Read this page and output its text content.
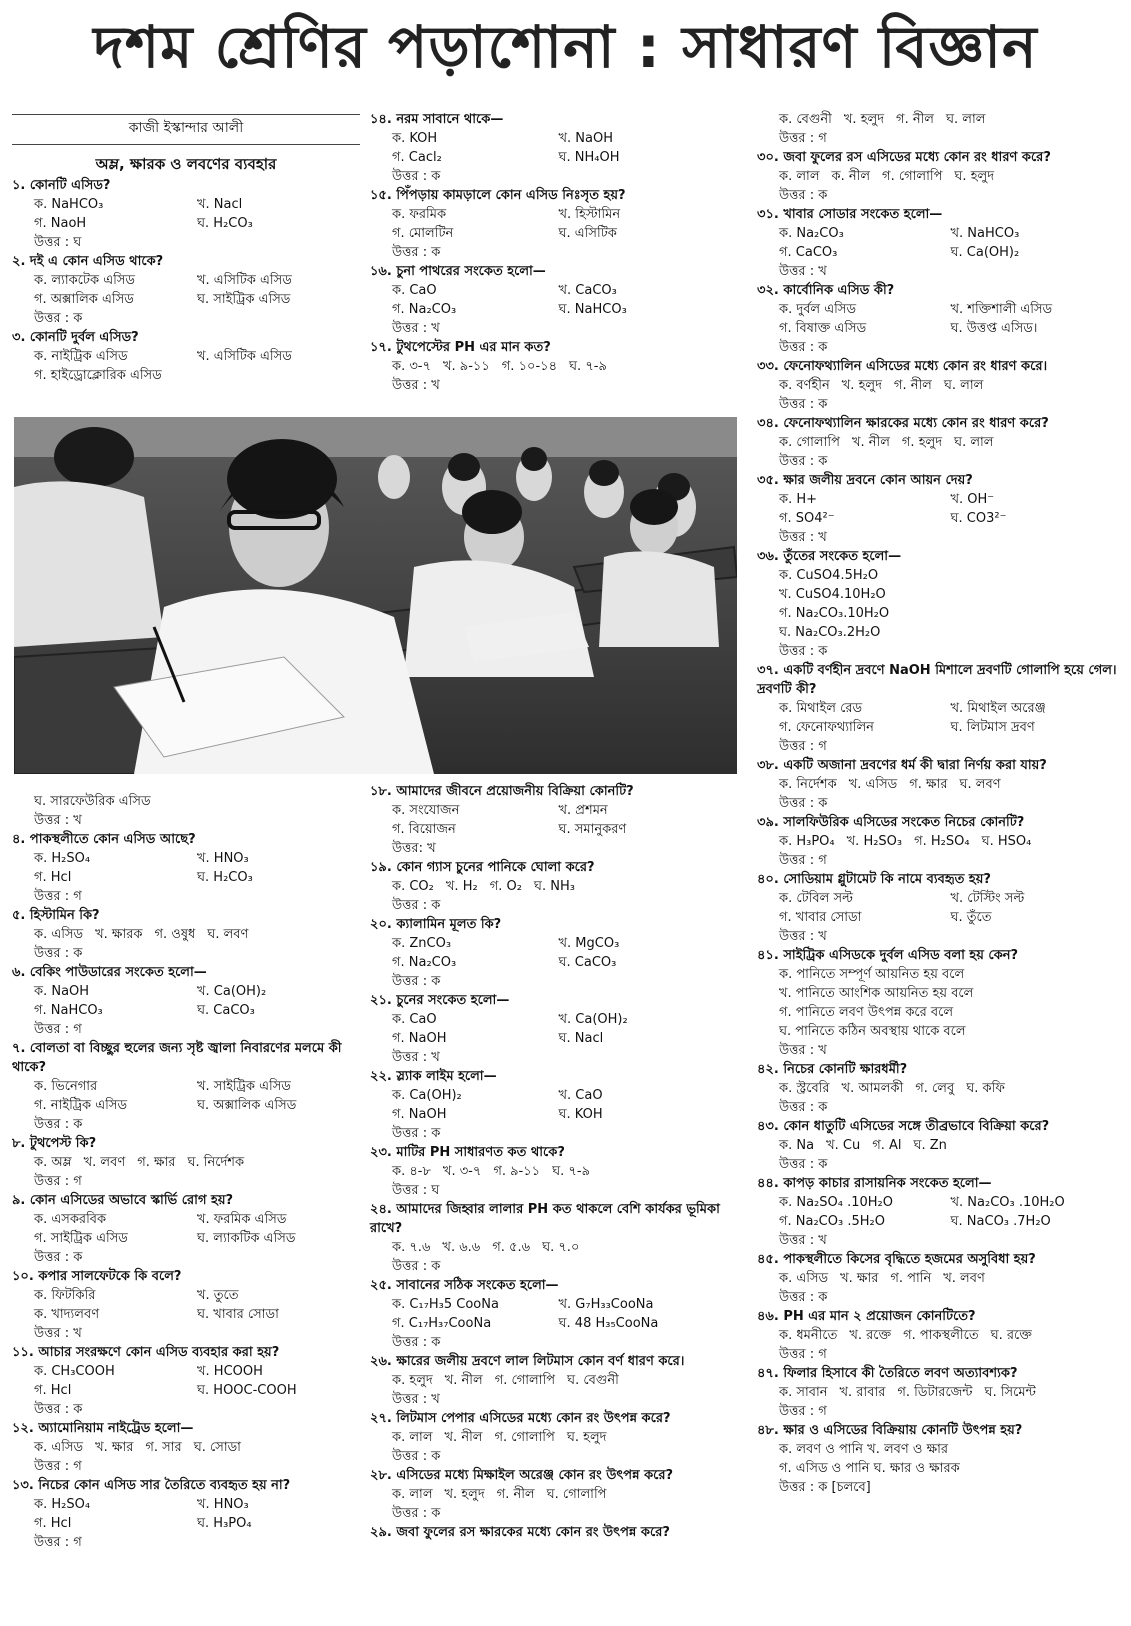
দশম শ্রেণির পড়াশোনা : সাধারণ বিজ্ঞান
কাজী ইস্কান্দার আলী
অম্ল, ক্ষারক ও লবণের ব্যবহার
১. কোনটি এসিড?
ক. NaHCO₃	খ. Nacl
গ. NaoH	ঘ. H₂CO₃
উত্তর : ঘ
২. দই এ কোন এসিড থাকে?
ক. ল্যাকটেক এসিড	খ. এসিটিক এসিড
গ. অক্সালিক এসিড	ঘ. সাইট্রিক এসিড
উত্তর : ক
৩. কোনটি দুর্বল এসিড?
ক. নাইট্রিক এসিড	খ. এসিটিক এসিড
গ. হাইড্রোক্লোরিক এসিড
ঘ. সারফেউরিক এসিড
উত্তর : খ
৪. পাকস্থলীতে কোন এসিড আছে?
ক. H₂SO₄	খ. HNO₃
গ. Hcl	ঘ. H₂CO₃
উত্তর : গ
৫. হিস্টামিন কি?
ক. এসিড খ. ক্ষারক গ. ওষুধ ঘ. লবণ
উত্তর : ক
৬. বেকিং পাউডারের সংকেত হলো—
ক. NaOH	খ. Ca(OH)₂
গ. NaHCO₃	ঘ. CaCO₃
উত্তর : গ
৭. বোলতা বা বিচ্ছুর হুলের জন্য সৃষ্ট জ্বালা নিবারণের মলমে কী থাকে?
ক. ভিনেগার	খ. সাইট্রিক এসিড
গ. নাইট্রিক এসিড	ঘ. অক্সালিক এসিড
উত্তর : ক
৮. টুথপেস্ট কি?
ক. অম্ল খ. লবণ গ. ক্ষার ঘ. নির্দেশক
উত্তর : গ
৯. কোন এসিডের অভাবে স্কার্ভি রোগ হয়?
ক. এসকরবিক	খ. ফরমিক এসিড
গ. সাইট্রিক এসিড	ঘ. ল্যাকটিক এসিড
উত্তর : ক
১০. কপার সালফেটকে কি বলে?
ক. ফিটকিরি	খ. তুতে
ক. খাদ্যলবণ	ঘ. খাবার সোডা
উত্তর : খ
১১. আচার সংরক্ষণে কোন এসিড ব্যবহার করা হয়?
ক. CH₃COOH	খ. HCOOH
গ. Hcl	ঘ. HOOC-COOH
উত্তর : ক
১২. অ্যামোনিয়াম নাইট্রেড হলো—
ক. এসিড খ. ক্ষার গ. সার ঘ. সোডা
উত্তর : গ
১৩. নিচের কোন এসিড সার তৈরিতে ব্যবহৃত হয় না?
ক. H₂SO₄	খ. HNO₃
গ. Hcl	ঘ. H₃PO₄
উত্তর : গ
১৪. নরম সাবানে থাকে—
ক. KOH	খ. NaOH
গ. Cacl₂	ঘ. NH₄OH
উত্তর : ক
১৫. পিঁপড়ায় কামড়ালে কোন এসিড নিঃসৃত হয়?
ক. ফরমিক	খ. হিস্টামিন
গ. মোলটিন	ঘ. এসিটিক
উত্তর : ক
১৬. চুনা পাথরের সংকেত হলো—
ক. CaO	খ. CaCO₃
গ. Na₂CO₃	ঘ. NaHCO₃
উত্তর : খ
১৭. টুথপেস্টের PH এর মান কত?
ক. ৩-৭ খ. ৯-১১ গ. ১০-১৪ ঘ. ৭-৯
উত্তর : খ
১৮. আমাদের জীবনে প্রয়োজনীয় বিক্রিয়া কোনটি?
ক. সংযোজন	খ. প্রশমন
গ. বিয়োজন	ঘ. সমানুকরণ
উত্তর: খ
১৯. কোন গ্যাস চুনের পানিকে ঘোলা করে?
ক. CO₂ খ. H₂ গ. O₂ ঘ. NH₃
উত্তর : ক
২০. ক্যালামিন মূলত কি?
ক. ZnCO₃	খ. MgCO₃
গ. Na₂CO₃	ঘ. CaCO₃
উত্তর : ক
২১. চুনের সংকেত হলো—
ক. CaO	খ. Ca(OH)₂
গ. NaOH	ঘ. Nacl
উত্তর : খ
২২. স্ল্যাক লাইম হলো—
ক. Ca(OH)₂	খ. CaO
গ. NaOH	ঘ. KOH
উত্তর : ক
২৩. মাটির PH সাধারণত কত থাকে?
ক. ৪-৮ খ. ৩-৭ গ. ৯-১১ ঘ. ৭-৯
উত্তর : ঘ
২৪. আমাদের জিহ্বার লালার PH কত থাকলে বেশি কার্যকর ভূমিকা রাখে?
ক. ৭.৬ খ. ৬.৬ গ. ৫.৬ ঘ. ৭.০
উত্তর : ক
২৫. সাবানের সঠিক সংকেত হলো—
ক. C₁₇H₃5 CooNa	খ. G₇H₃₃CooNa
গ. C₁₇H₃₇CooNa	ঘ. 48 H₃₅CooNa
উত্তর : ক
২৬. ক্ষারের জলীয় দ্রবণে লাল লিটমাস কোন বর্ণ ধারণ করে।
ক. হলুদ খ. নীল গ. গোলাপি ঘ. বেগুনী
উত্তর : খ
২৭. লিটমাস পেপার এসিডের মধ্যে কোন রং উৎপন্ন করে?
ক. লাল খ. নীল গ. গোলাপি ঘ. হলুদ
উত্তর : ক
২৮. এসিডের মধ্যে মিক্ষাইল অরেঞ্জ কোন রং উৎপন্ন করে?
ক. লাল খ. হলুদ গ. নীল ঘ. গোলাপি
উত্তর : ক
২৯. জবা ফুলের রস ক্ষারকের মধ্যে কোন রং উৎপন্ন করে?
ক. বেগুনী খ. হলুদ গ. নীল ঘ. লাল
উত্তর : গ
৩০. জবা ফুলের রস এসিডের মধ্যে কোন রং ধারণ করে?
ক. লাল ক. নীল গ. গোলাপি ঘ. হলুদ
উত্তর : ক
৩১. খাবার সোডার সংকেত হলো—
ক. Na₂CO₃	খ. NaHCO₃
গ. CaCO₃	ঘ. Ca(OH)₂
উত্তর : খ
৩২. কার্বোনিক এসিড কী?
ক. দুর্বল এসিড	খ. শক্তিশালী এসিড
গ. বিষাক্ত এসিড	ঘ. উত্তপ্ত এসিড।
উত্তর : ক
৩৩. ফেনোফথ্যালিন এসিডের মধ্যে কোন রং ধারণ করে।
ক. বর্ণহীন খ. হলুদ গ. নীল ঘ. লাল
উত্তর : ক
৩৪. ফেনোফথ্যালিন ক্ষারকের মধ্যে কোন রং ধারণ করে?
ক. গোলাপি খ. নীল গ. হলুদ ঘ. লাল
উত্তর : ক
৩৫. ক্ষার জলীয় দ্রবনে কোন আয়ন দেয়?
ক. H+	খ. OH⁻
গ. SO4²⁻	ঘ. CO3²⁻
উত্তর : খ
৩৬. তুঁতের সংকেত হলো—
ক. CuSO4.5H₂O
খ. CuSO4.10H₂O
গ. Na₂CO₃.10H₂O
ঘ. Na₂CO₃.2H₂O
উত্তর : ক
৩৭. একটি বর্ণহীন দ্রবণে NaOH মিশালে দ্রবণটি গোলাপি হয়ে গেল। দ্রবণটি কী?
ক. মিথাইল রেড	খ. মিথাইল অরেঞ্জ
গ. ফেনোফথ্যালিন	ঘ. লিটমাস দ্রবণ
উত্তর : গ
৩৮. একটি অজানা দ্রবণের ধর্ম কী দ্বারা নির্ণয় করা যায়?
ক. নির্দেশক খ. এসিড গ. ক্ষার ঘ. লবণ
উত্তর : ক
৩৯. সালফিউরিক এসিডের সংকেত নিচের কোনটি?
ক. H₃PO₄ খ. H₂SO₃ গ. H₂SO₄ ঘ. HSO₄
উত্তর : গ
৪০. সোডিয়াম গ্লুটামেট কি নামে ব্যবহৃত হয়?
ক. টেবিল সল্ট	খ. টেস্টিং সল্ট
গ. খাবার সোডা	ঘ. তুঁতে
উত্তর : খ
৪১. সাইট্রিক এসিডকে দুর্বল এসিড বলা হয় কেন?
ক. পানিতে সম্পূর্ণ আয়নিত হয় বলে
খ. পানিতে আংশিক আয়নিত হয় বলে
গ. পানিতে লবণ উৎপন্ন করে বলে
ঘ. পানিতে কঠিন অবস্থায় থাকে বলে
উত্তর : খ
৪২. নিচের কোনটি ক্ষারধর্মী?
ক. স্ট্রবেরি খ. আমলকী গ. লেবু ঘ. কফি
উত্তর : ক
৪৩. কোন ধাতুটি এসিডের সঙ্গে তীব্রভাবে বিক্রিয়া করে?
ক. Na খ. Cu গ. Al ঘ. Zn
উত্তর : ক
৪৪. কাপড় কাচার রাসায়নিক সংকেত হলো—
ক. Na₂SO₄ .10H₂O	খ. Na₂CO₃ .10H₂O
গ. Na₂CO₃ .5H₂O	ঘ. NaCO₃ .7H₂O
উত্তর : খ
৪৫. পাকস্থলীতে কিসের বৃদ্ধিতে হজমের অসুবিধা হয়?
ক. এসিড খ. ক্ষার গ. পানি খ. লবণ
উত্তর : ক
৪৬. PH এর মান ২ প্রয়োজন কোনটিতে?
ক. ধমনীতে খ. রক্তে গ. পাকস্থলীতে ঘ. রক্তে
উত্তর : গ
৪৭. ফিলার হিসাবে কী তৈরিতে লবণ অত্যাবশ্যক?
ক. সাবান খ. রাবার গ. ডিটারজেন্ট ঘ. সিমেন্ট
উত্তর : গ
৪৮. ক্ষার ও এসিডের বিক্রিয়ায় কোনটি উৎপন্ন হয়?
ক. লবণ ও পানি খ. লবণ ও ক্ষার
গ. এসিড ও পানি ঘ. ক্ষার ও ক্ষারক
উত্তর : ক [চলবে]
